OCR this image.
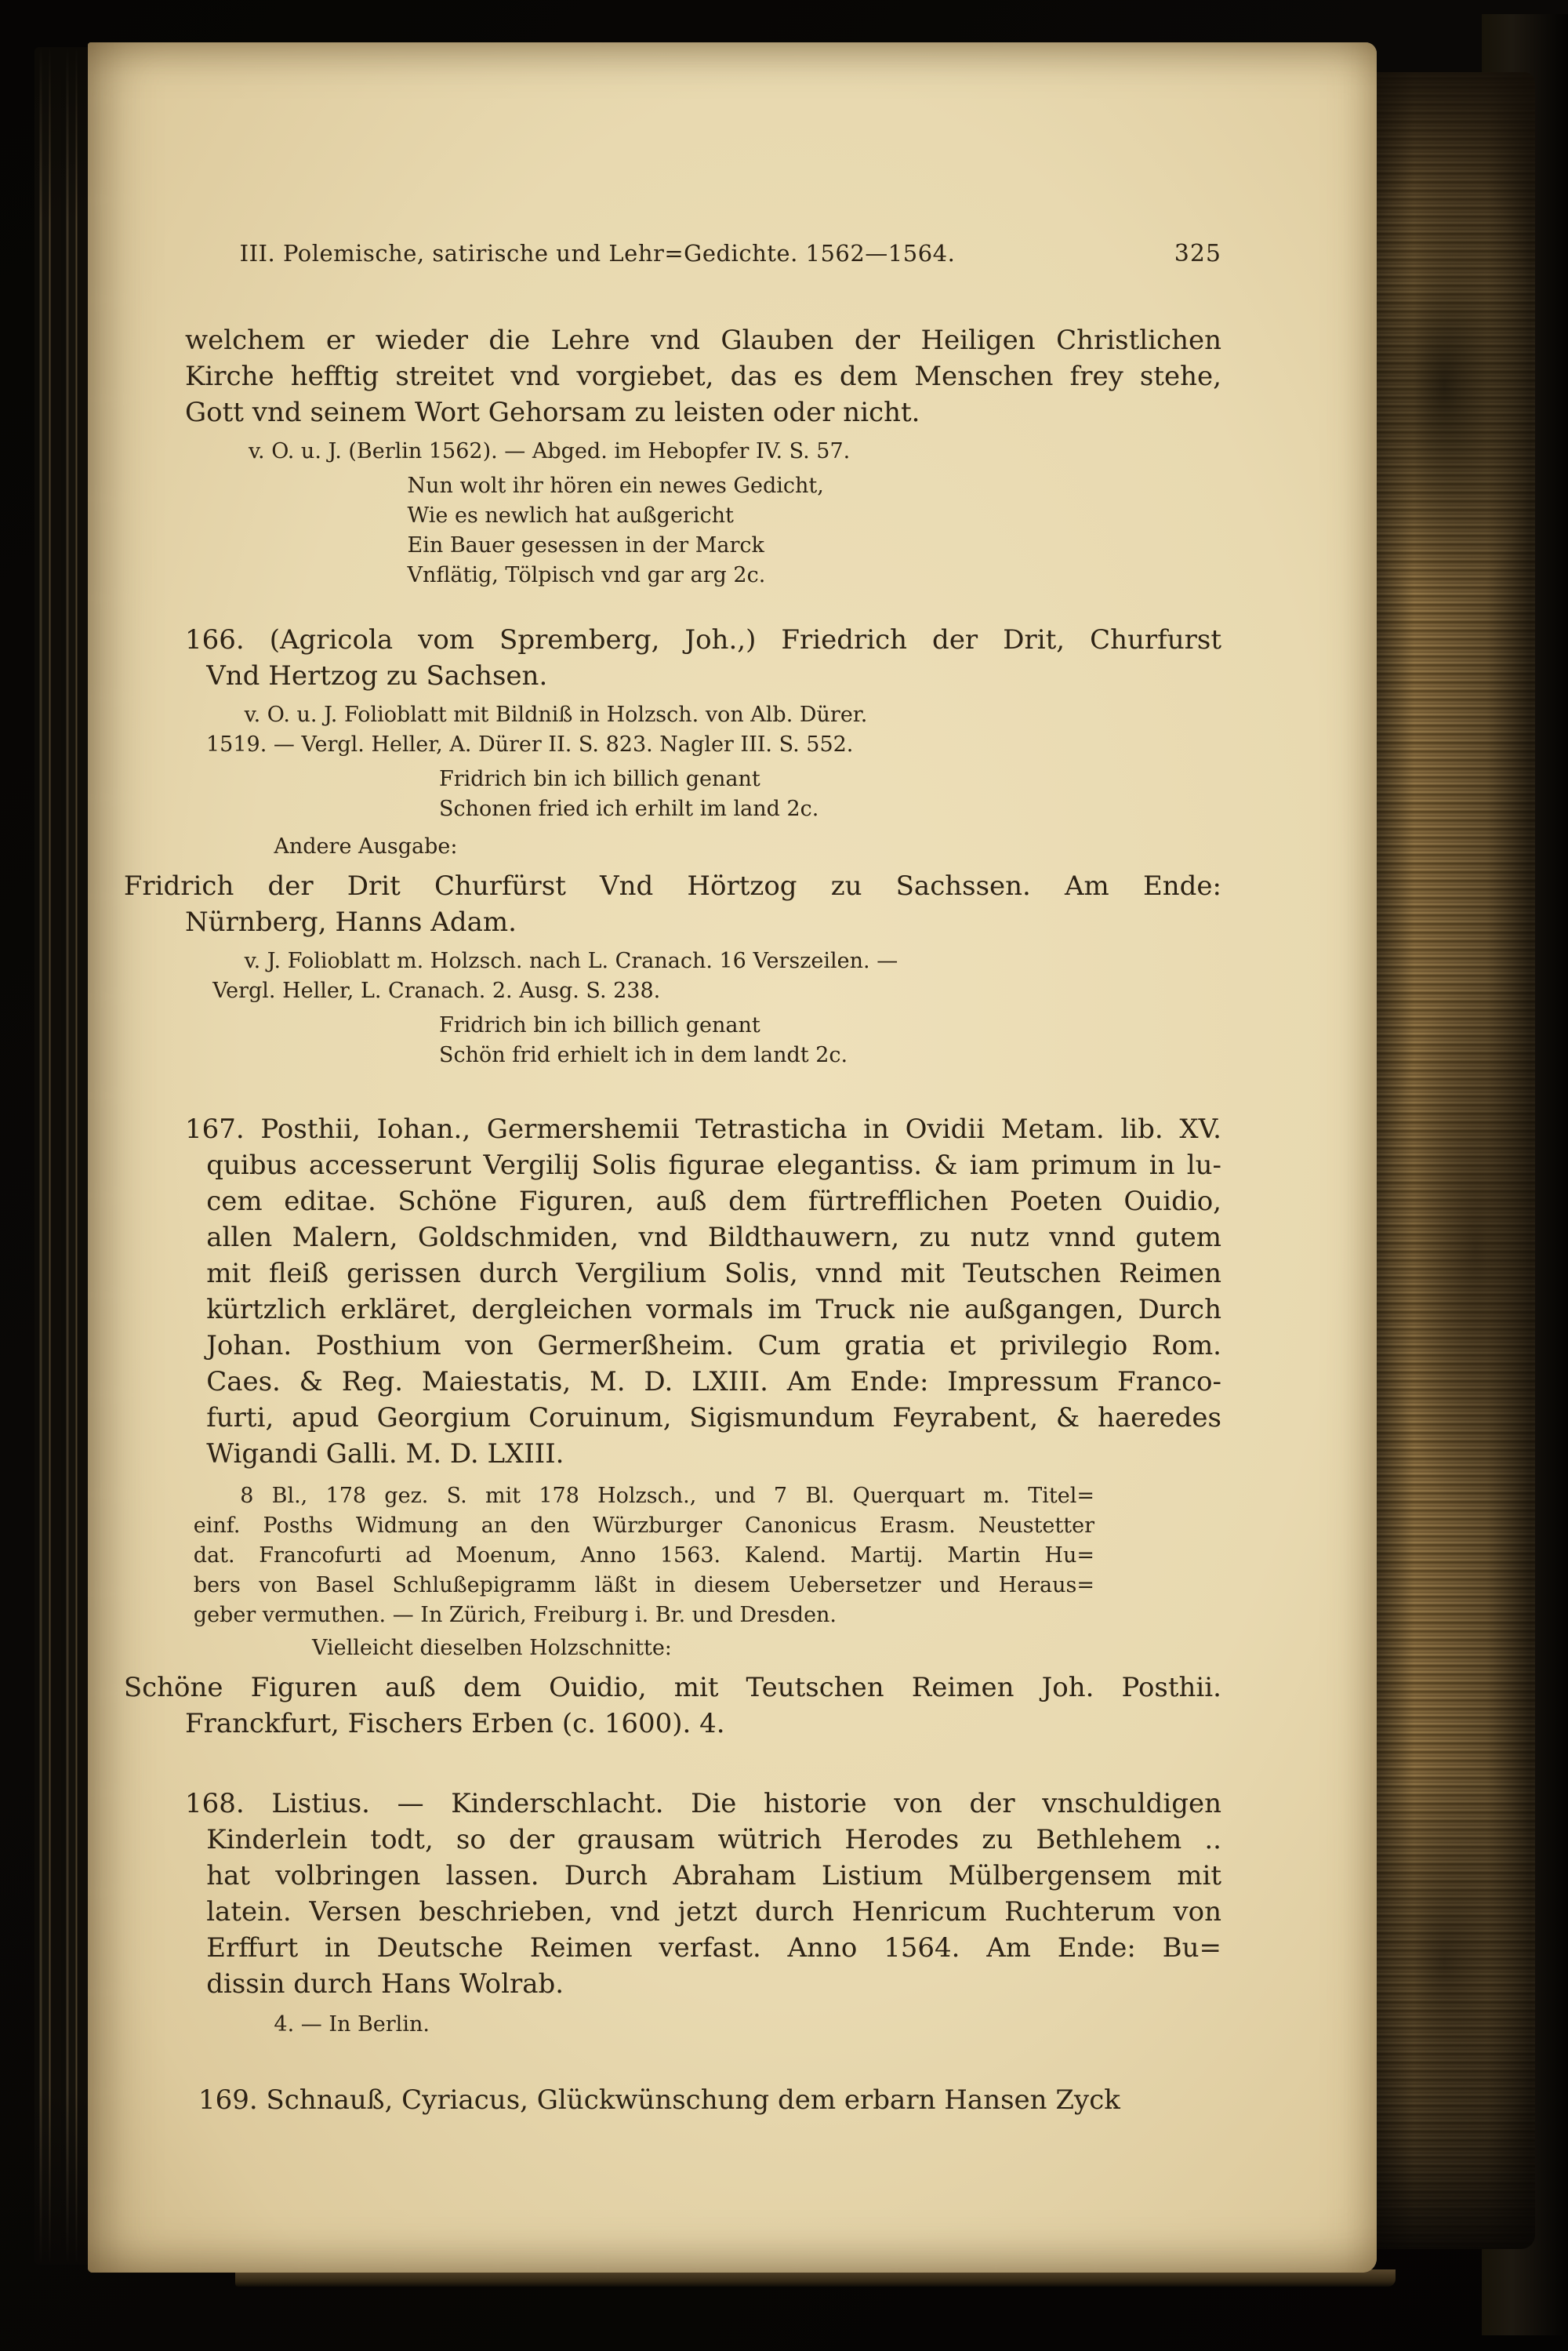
III. Polemische, satirische und Lehr=Gedichte. 1562—1564.	325
welchem er wieder die Lehre vnd Glauben der Heiligen Christlichen
Kirche hefftig streitet vnd vorgiebet, das es dem Menschen frey stehe,
Gott vnd seinem Wort Gehorsam zu leisten oder nicht.
v. O. u. J. (Berlin 1562). — Abged. im Hebopfer IV. S. 57.
Nun wolt ihr hören ein newes Gedicht,
Wie es newlich hat außgericht
Ein Bauer gesessen in der Marck
Vnflätig, Tölpisch vnd gar arg 2c.
166. (Agricola vom Spremberg, Joh.,) Friedrich der Drit, Churfurst
Vnd Hertzog zu Sachsen.
v. O. u. J. Folioblatt mit Bildniß in Holzsch. von Alb. Dürer.
1519. — Vergl. Heller, A. Dürer II. S. 823. Nagler III. S. 552.
Fridrich bin ich billich genant
Schonen fried ich erhilt im land 2c.
Andere Ausgabe:
Fridrich der Drit Churfürst Vnd Hörtzog zu Sachssen. Am Ende:
Nürnberg, Hanns Adam.
v. J. Folioblatt m. Holzsch. nach L. Cranach. 16 Verszeilen. —
Vergl. Heller, L. Cranach. 2. Ausg. S. 238.
Fridrich bin ich billich genant
Schön frid erhielt ich in dem landt 2c.
167. Posthii, Iohan., Germershemii Tetrasticha in Ovidii Metam. lib. XV.
quibus accesserunt Vergilij Solis figurae elegantiss. & iam primum in lu-
cem editae. Schöne Figuren, auß dem fürtrefflichen Poeten Ouidio,
allen Malern, Goldschmiden, vnd Bildthauwern, zu nutz vnnd gutem
mit fleiß gerissen durch Vergilium Solis, vnnd mit Teutschen Reimen
kürtzlich erkläret, dergleichen vormals im Truck nie außgangen, Durch
Johan. Posthium von Germerßheim. Cum gratia et privilegio Rom.
Caes. & Reg. Maiestatis, M. D. LXIII. Am Ende: Impressum Franco-
furti, apud Georgium Coruinum, Sigismundum Feyrabent, & haeredes
Wigandi Galli. M. D. LXIII.
8 Bl., 178 gez. S. mit 178 Holzsch., und 7 Bl. Querquart m. Titel=
einf. Posths Widmung an den Würzburger Canonicus Erasm. Neustetter
dat. Francofurti ad Moenum, Anno 1563. Kalend. Martij. Martin Hu=
bers von Basel Schlußepigramm läßt in diesem Uebersetzer und Heraus=
geber vermuthen. — In Zürich, Freiburg i. Br. und Dresden.
Vielleicht dieselben Holzschnitte:
Schöne Figuren auß dem Ouidio, mit Teutschen Reimen Joh. Posthii.
Franckfurt, Fischers Erben (c. 1600). 4.
168. Listius. — Kinderschlacht. Die historie von der vnschuldigen
Kinderlein todt, so der grausam wütrich Herodes zu Bethlehem ..
hat volbringen lassen. Durch Abraham Listium Mülbergensem mit
latein. Versen beschrieben, vnd jetzt durch Henricum Ruchterum von
Erffurt in Deutsche Reimen verfast. Anno 1564. Am Ende: Bu=
dissin durch Hans Wolrab.
4. — In Berlin.
169. Schnauß, Cyriacus, Glückwünschung dem erbarn Hansen Zyck
